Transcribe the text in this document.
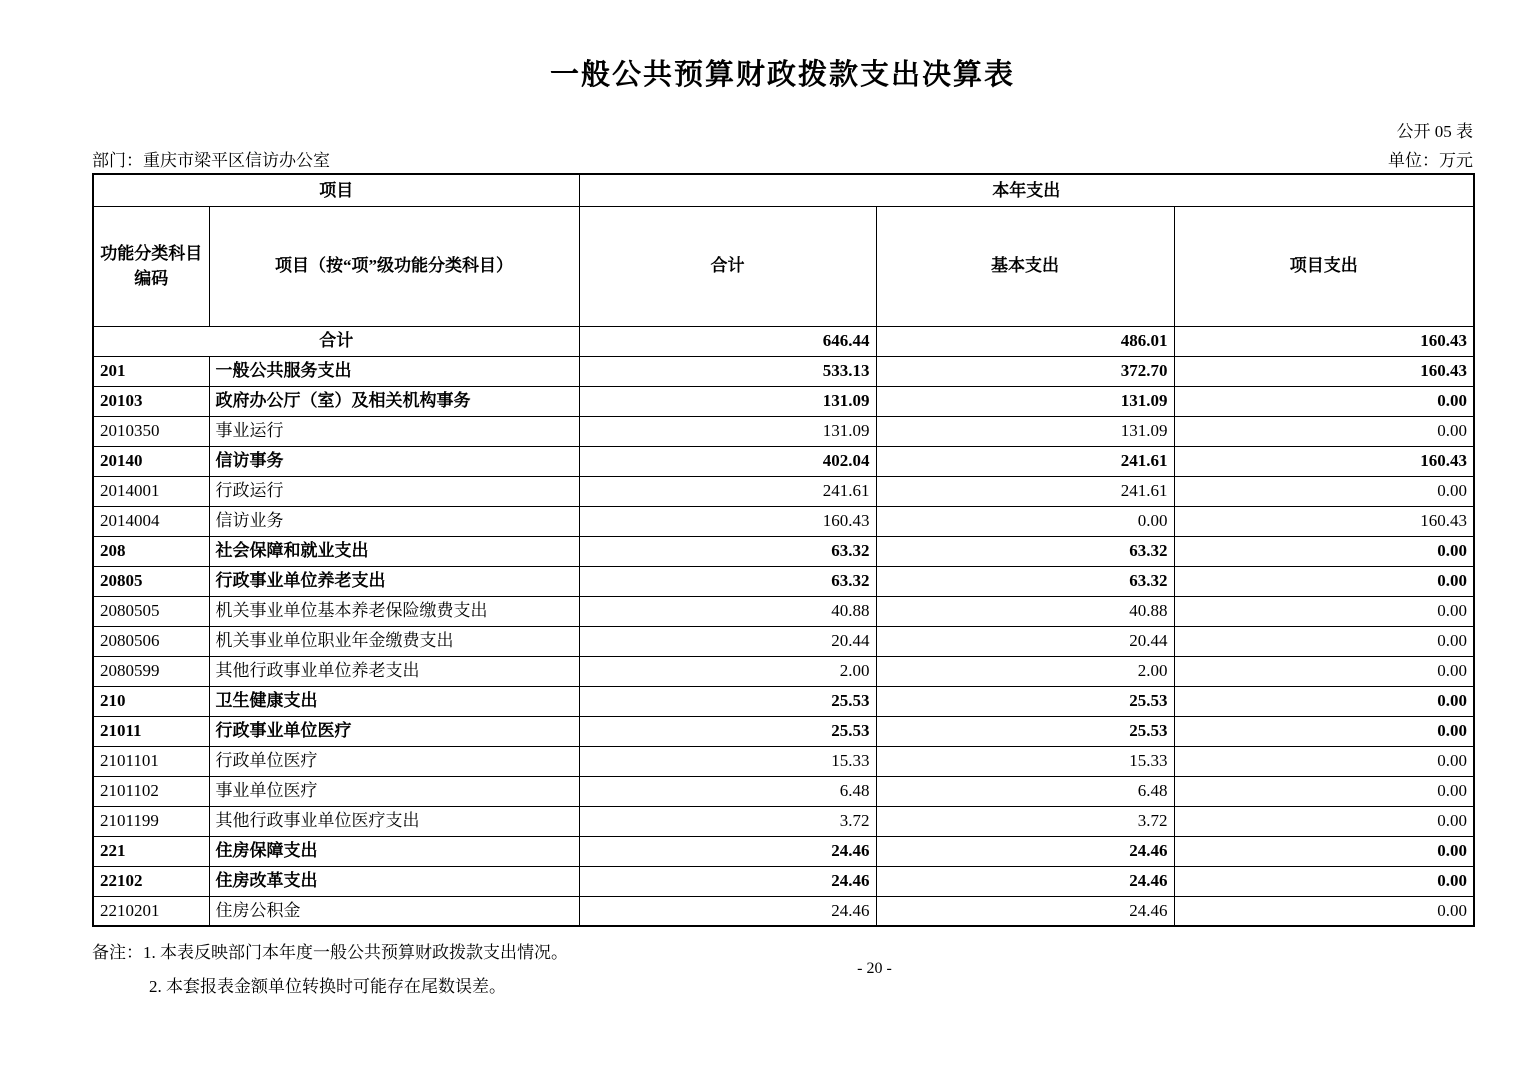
一般公共预算财政拨款支出决算表
公开 05 表
部门：重庆市梁平区信访办公室	单位：万元
项目		本年支出		
功能分类科目编码	项目（按“项”级功能分类科目）	合计	基本支出	项目支出
合计		646.44	486.01	160.43
201	一般公共服务支出	533.13	372.70	160.43
20103	政府办公厅（室）及相关机构事务	131.09	131.09	0.00
2010350	事业运行	131.09	131.09	0.00
20140	信访事务	402.04	241.61	160.43
2014001	行政运行	241.61	241.61	0.00
2014004	信访业务	160.43	0.00	160.43
208	社会保障和就业支出	63.32	63.32	0.00
20805	行政事业单位养老支出	63.32	63.32	0.00
2080505	机关事业单位基本养老保险缴费支出	40.88	40.88	0.00
2080506	机关事业单位职业年金缴费支出	20.44	20.44	0.00
2080599	其他行政事业单位养老支出	2.00	2.00	0.00
210	卫生健康支出	25.53	25.53	0.00
21011	行政事业单位医疗	25.53	25.53	0.00
2101101	行政单位医疗	15.33	15.33	0.00
2101102	事业单位医疗	6.48	6.48	0.00
2101199	其他行政事业单位医疗支出	3.72	3.72	0.00
221	住房保障支出	24.46	24.46	0.00
22102	住房改革支出	24.46	24.46	0.00
2210201	住房公积金	24.46	24.46	0.00
备注：1. 本表反映部门本年度一般公共预算财政拨款支出情况。
2. 本套报表金额单位转换时可能存在尾数误差。
- 20 -
